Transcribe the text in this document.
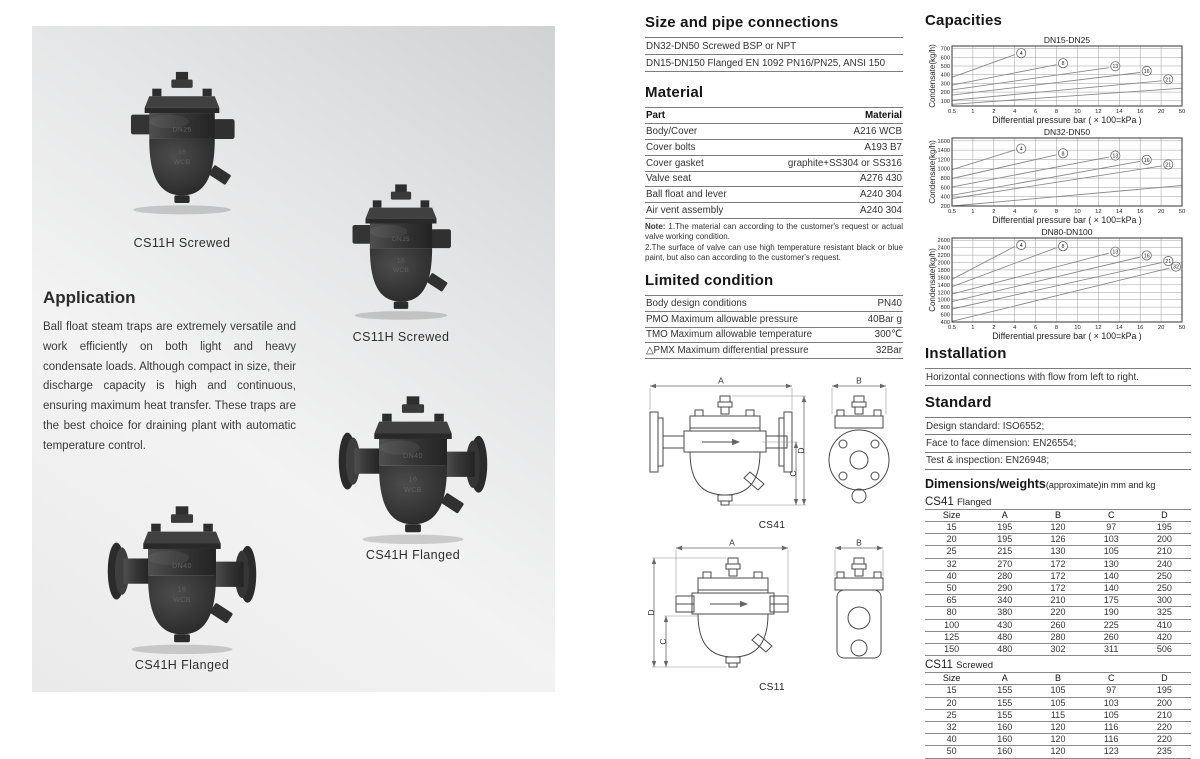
DN25
16
WCB
CS11H Screwed	DN25
16
WCB
CS11H Screwed
DN40
16
WCB
CS41H Flanged
DN40
16
WCB
CS41H Flanged
Application

Ball float steam traps are extremely versatile and work efficiently on both light and heavy condensate loads. Although compact in size, their discharge capacity is high and continuous, ensuring maximum heat transfer. These traps are the best choice for draining plant with automatic temperature control.

Size and pipe connections
DN32-DN50 Screwed BSP or NPT
DN15-DN150 Flanged EN 1092 PN16/PN25, ANSI 150
Material
Part	Material
Body/Cover	A216 WCB
Cover bolts	A193 B7
Cover gasket	graphite+SS304 or SS316
Valve seat	A276 430
Ball float and lever	A240 304
Air vent assembly	A240 304
Note: 1.The material can according to the customer's request or actual valve working condition.
2.The surface of valve can use high temperature resistant black or blue paint, but also can according to the customer's request.
Limited condition
Body design conditions	PN40
PMO Maximum allowable pressure	40Bar g
TMO Maximum allowable temperature	300℃
△PMX Maximum differential pressure	32Bar
A
C
D
B
CS41
A
D
C
B
CS11
Capacities
DN15-DN25
0.5	1	2	4	6	8	10 12 14 16 20 50
100
200
300
400
500
600
700
4
8
13
16
21
Condensate(kg/h)
Differential pressure bar ( × 100=kPa )
DN32-DN50
0.5	1	2	4	6	8	10 12 14 16 20 50
200
400
600
800
1000
1200
1400
1600
4
8	13
16
21
Condensate(kg/h)
Differential pressure bar ( × 100=kPa )
DN80-DN100
0.5	1	2	4	6	8	10 12 14 16 20 50
400
600
800
1000
1200
1400
1600
1800
2000
2200
2400
2600
4	8
13
16
21
32
Condensate(kg/h)
Differential pressure bar ( × 100=kPa )
Installation
Horizontal connections with flow from left to right.
Standard
Design standard: ISO6552;
Face to face dimension: EN26554;
Test & inspection: EN26948;
Dimensions/weights(approximate)in mm and kg
CS41 Flanged
Size	A	B	C	D
15	195	120	97	195
20	195	126	103	200
25	215	130	105	210
32	270	172	130	240
40	280	172	140	250
50	290	172	140	250
65	340	210	175	300
80	380	220	190	325
100	430	260	225	410
125	480	280	260	420
150	480	302	311	506
CS11 Screwed
Size	A	B	C	D
15	155	105	97	195
20	155	105	103	200
25	155	115	105	210
32	160	120	116	220
40	160	120	116	220
50	160	120	123	235
